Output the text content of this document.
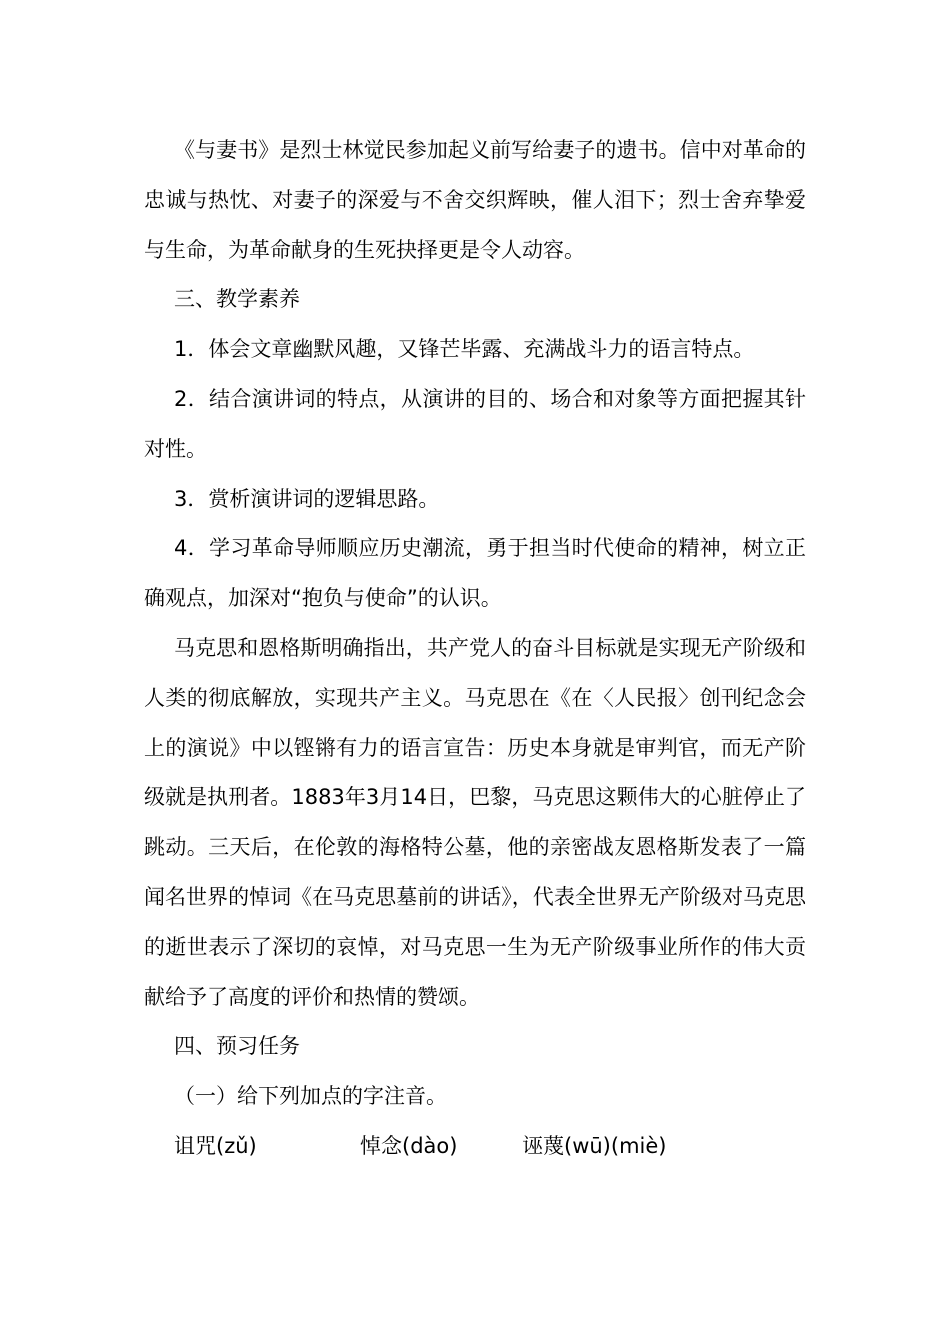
《与妻书》是烈士林觉民参加起义前写给妻子的遗书。信中对革命的忠诚与热忱、对妻子的深爱与不舍交织辉映，催人泪下；烈士舍弃挚爱与生命，为革命献身的生死抉择更是令人动容。

三、教学素养

1．体会文章幽默风趣，又锋芒毕露、充满战斗力的语言特点。

2．结合演讲词的特点，从演讲的目的、场合和对象等方面把握其针对性。

3．赏析演讲词的逻辑思路。

4．学习革命导师顺应历史潮流，勇于担当时代使命的精神，树立正确观点，加深对“抱负与使命”的认识。

马克思和恩格斯明确指出，共产党人的奋斗目标就是实现无产阶级和人类的彻底解放，实现共产主义。马克思在《在〈人民报〉创刊纪念会上的演说》中以铿锵有力的语言宣告：历史本身就是审判官，而无产阶级就是执刑者。1883年3月14日，巴黎，马克思这颗伟大的心脏停止了跳动。三天后，在伦敦的海格特公墓，他的亲密战友恩格斯发表了一篇闻名世界的悼词《在马克思墓前的讲话》，代表全世界无产阶级对马克思的逝世表示了深切的哀悼，对马克思一生为无产阶级事业所作的伟大贡献给予了高度的评价和热情的赞颂。

四、预习任务

（一）给下列加点的字注音。

诅咒(zǔ)	悼念(dào)	诬蔑(wū)(miè)
